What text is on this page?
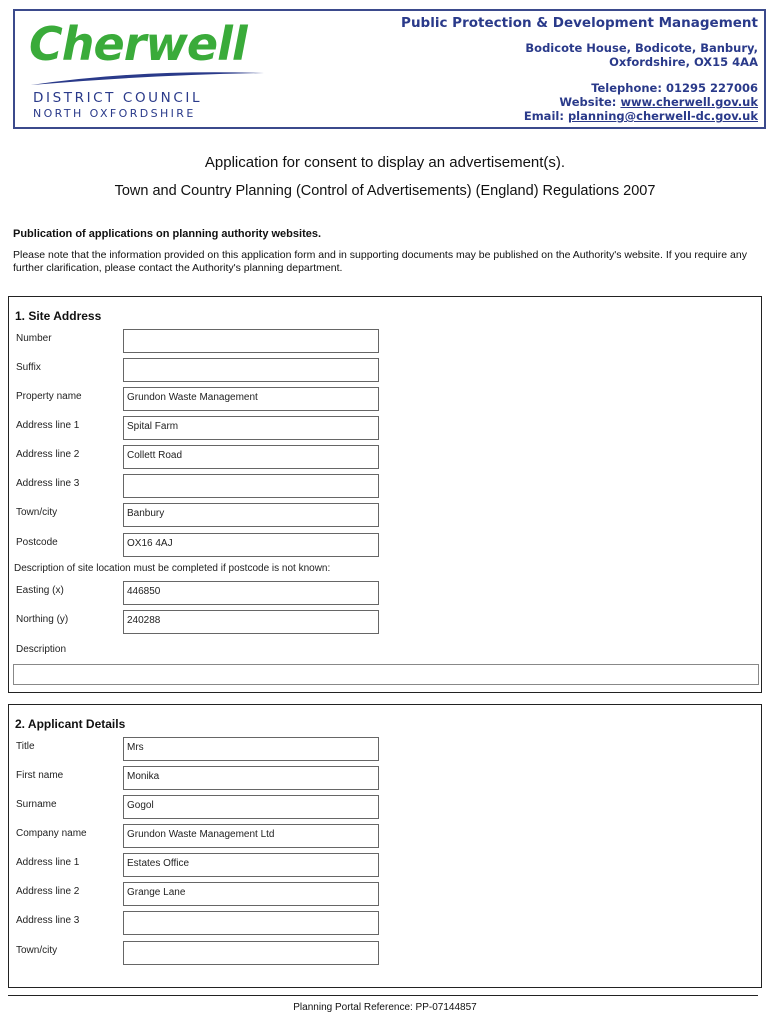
Cherwell
DISTRICT COUNCIL
NORTH OXFORDSHIRE
Public Protection & Development Management
Bodicote House, Bodicote, Banbury,
Oxfordshire, OX15 4AA
Telephone: 01295 227006
Website: www.cherwell.gov.uk
Email: planning@cherwell-dc.gov.uk
Application for consent to display an advertisement(s).
Town and Country Planning (Control of Advertisements) (England) Regulations 2007
Publication of applications on planning authority websites.
Please note that the information provided on this application form and in supporting documents may be published on the Authority's website. If you require any further clarification, please contact the Authority's planning department.
1. Site Address
Number
Suffix
Property name	Grundon Waste Management
Address line 1	Spital Farm
Address line 2	Collett Road
Address line 3
Town/city	Banbury
Postcode	OX16 4AJ
Description of site location must be completed if postcode is not known:
Easting (x)	446850
Northing (y)	240288
Description
2. Applicant Details
Title	Mrs
First name	Monika
Surname	Gogol
Company name	Grundon Waste Management Ltd
Address line 1	Estates Office
Address line 2	Grange Lane
Address line 3
Town/city
Planning Portal Reference: PP-07144857
